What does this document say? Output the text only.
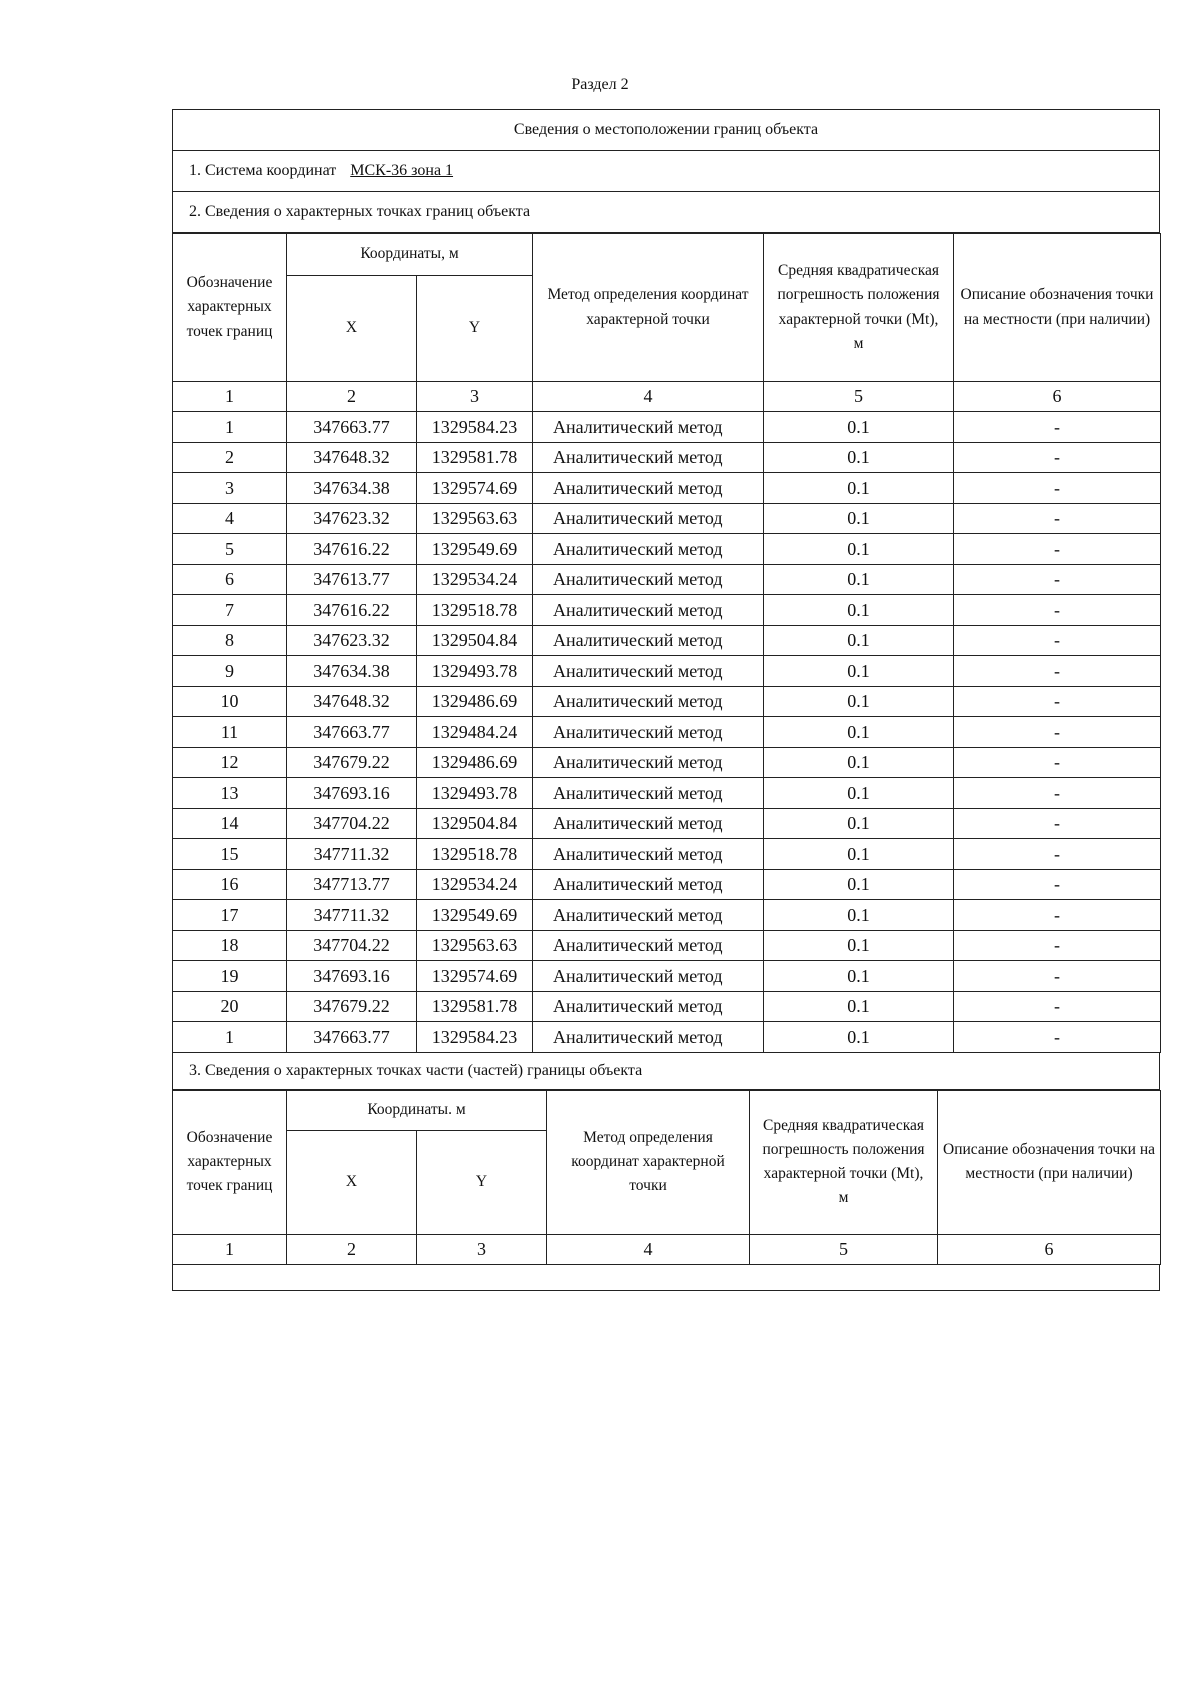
Раздел 2
Сведения о местоположении границ объекта
1. Система координат МСК-36 зона 1
2. Сведения о характерных точках границ объекта
Обозначение характерных точек границ	Координаты, м		Метод определения координат характерной точки	Средняя квадратическая погрешность положения характерной точки (Mt), м	Описание обозначения точки на местности (при наличии)
	X	Y			
1	2	3	4	5	6
1	347663.77	1329584.23	Аналитический метод	0.1	-
2	347648.32	1329581.78	Аналитический метод	0.1	-
3	347634.38	1329574.69	Аналитический метод	0.1	-
4	347623.32	1329563.63	Аналитический метод	0.1	-
5	347616.22	1329549.69	Аналитический метод	0.1	-
6	347613.77	1329534.24	Аналитический метод	0.1	-
7	347616.22	1329518.78	Аналитический метод	0.1	-
8	347623.32	1329504.84	Аналитический метод	0.1	-
9	347634.38	1329493.78	Аналитический метод	0.1	-
10	347648.32	1329486.69	Аналитический метод	0.1	-
11	347663.77	1329484.24	Аналитический метод	0.1	-
12	347679.22	1329486.69	Аналитический метод	0.1	-
13	347693.16	1329493.78	Аналитический метод	0.1	-
14	347704.22	1329504.84	Аналитический метод	0.1	-
15	347711.32	1329518.78	Аналитический метод	0.1	-
16	347713.77	1329534.24	Аналитический метод	0.1	-
17	347711.32	1329549.69	Аналитический метод	0.1	-
18	347704.22	1329563.63	Аналитический метод	0.1	-
19	347693.16	1329574.69	Аналитический метод	0.1	-
20	347679.22	1329581.78	Аналитический метод	0.1	-
1	347663.77	1329584.23	Аналитический метод	0.1	-
3. Сведения о характерных точках части (частей) границы объекта
Обозначение характерных точек границ	Координаты. м		Метод определения координат характерной точки	Средняя квадратическая погрешность положения характерной точки (Mt), м	Описание обозначения точки на местности (при наличии)
	X	Y			
1	2	3	4	5	6
